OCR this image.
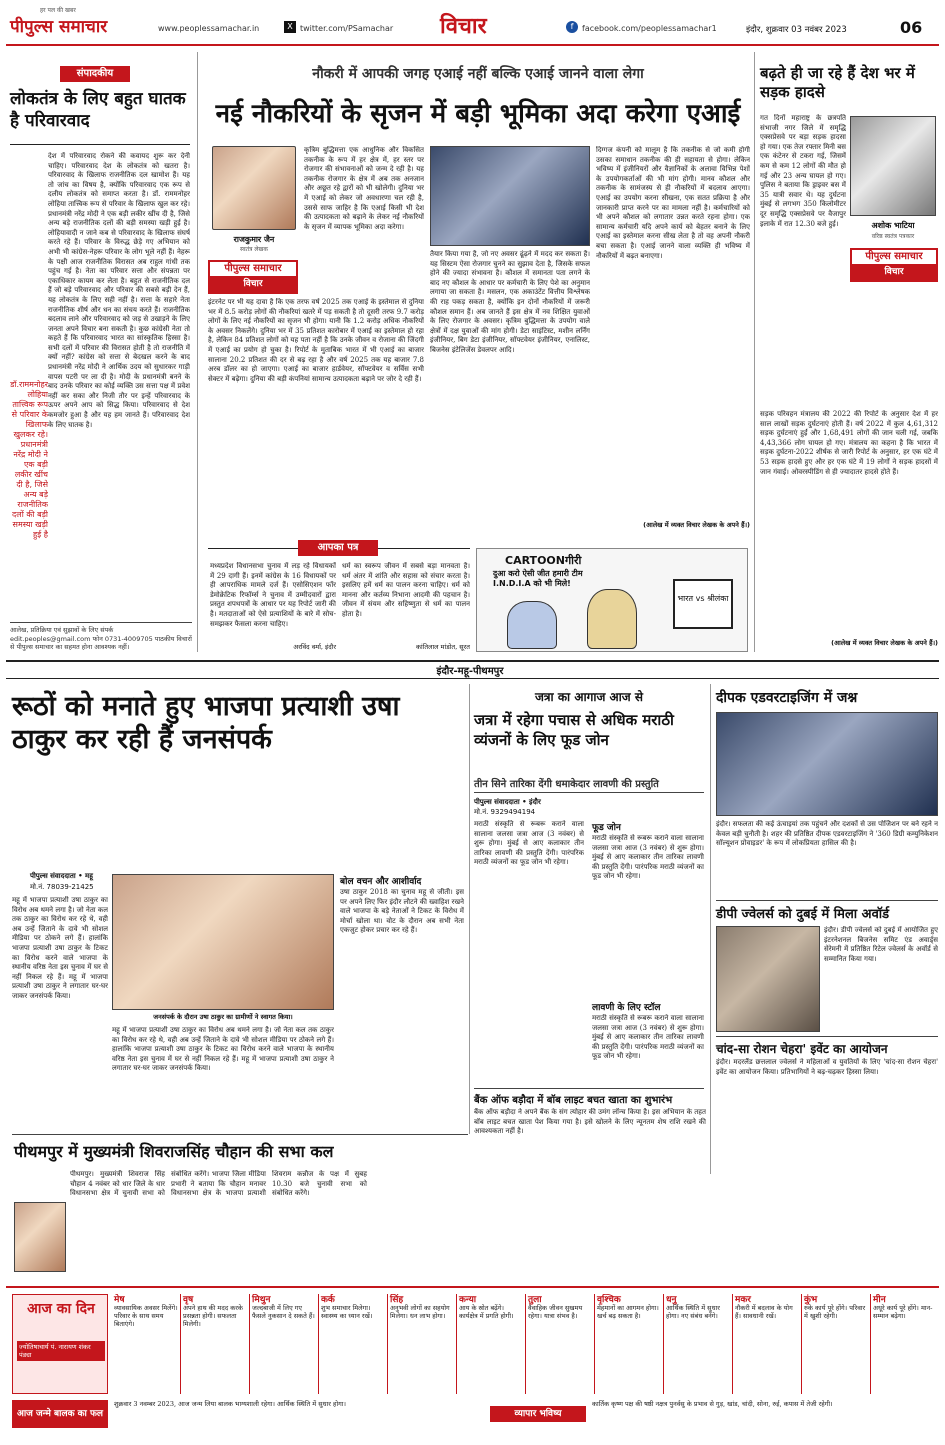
पीपुल्स समाचार
हर पल की खबर
www.peoplessamachar.in	X twitter.com/PSamachar विचार	f	facebook.com/peoplessamachar1	इंदौर, शुक्रवार 03 नवंबर 2023	06
संपादकीय
लोकतंत्र के लिए बहुत घातक है परिवारवाद
देश में परिवारवाद रोकने की कवायद शुरू कर देनी चाहिए। परिवारवाद देश के लोकतंत्र को खतरा है। परिवारवाद के खिलाफ राजनीतिक दल खामोश हैं। यह तो जांच का विषय है, क्योंकि परिवारवाद एक रूप से दलीय लोकतंत्र को समाप्त करता है। डॉ. राममनोहर लोहिया तात्त्विक रूप से परिवार के खिलाफ खुल कर रहे। प्रधानमंत्री नरेंद्र मोदी ने एक बड़ी लकीर खींच दी है, जिसे अन्य बड़े राजनीतिक दलों की बड़ी समस्या खड़ी हुई है। लोहियावादी न जाने कब से परिवारवाद के खिलाफ संघर्ष करते रहे हैं। परिवार के विरुद्ध छेड़े गए अभियान को अभी भी कांग्रेस-नेहरू परिवार के लोग भूले नहीं हैं। नेहरू के पक्षी आज राजनीतिक विरासत अब राहुल गांधी तक पहुंच गई है। नेता का परिवार सत्ता और संपन्नता पर एकाधिकार कायम कर लेता है। बहुत से राजनीतिक दल हैं जो बड़े परिवारवाद और परिवार की सबसे बड़ी देन हैं, यह लोकतंत्र के लिए सही नहीं है। सत्ता के सहारे नेता राजनीतिक शीर्ष और धन का संचय करते हैं। राजनीतिक बदलाव लाने और परिवारवाद को जड़ से उखाड़ने के लिए जनता अपने विचार बना सकती है। कुछ कांग्रेसी नेता तो कहते हैं कि परिवारवाद भारत का सांस्कृतिक हिस्सा है। सभी दलों में परिवार की विरासत होती है तो राजनीति में क्यों नहीं? कांग्रेस को सत्ता से बेदखल करने के बाद प्रधानमंत्री नरेंद्र मोदी ने आर्थिक उदय को सुधारकर गाड़ी वापस पटरी पर ला दी है। मोदी के प्रधानमंत्री बनने के बाद उनके परिवार का कोई व्यक्ति उस सत्ता पक्ष में प्रवेश नहीं कर सका और निजी तौर पर इन्हें परिवारवाद के ऊपर अपने आप को सिद्ध किया। परिवारवाद से देश कमजोर हुआ है और यह हम जानते हैं। परिवारवाद देश के लिए घातक है।
डॉ.राममनोहर लोहिया तात्त्विक रूप से परिवार के खिलाफ खुलकर रहे।प्रधानमंत्री नरेंद्र मोदी ने एक बड़ी लकीर खींच दी है, जिसे अन्य बड़े राजनीतिक दलों की बड़ी समस्या खड़ी हुई है
आलेख, प्रतिक्रिया एवं सुझावों के लिए संपर्क edit.peoples@gmail.com फोन 0731-4009705 पाठकीय विचारों से पीपुल्स समाचार का सहमत होना आवश्यक नहीं।
नौकरी में आपकी जगह एआई नहीं बल्कि एआई जानने वाला लेगा
नई नौकरियों के सृजन में बड़ी भूमिका अदा करेगा एआई
राजकुमार जैन
स्वतंत्र लेखक
पीपुल्स समाचार
विचार
कृत्रिम बुद्धिमत्ता एक आधुनिक और विकसित तकनीक के रूप में हर क्षेत्र में, हर स्तर पर रोजगार की संभावनाओं को जन्म दे रही है। यह तकनीक रोजगार के क्षेत्र में अब तक अनजान और अछूत रहे द्वारों को भी खोलेगी। दुनिया भर में एआई को लेकर जो अवधारणा चल रही है, उससे साफ जाहिर है कि एआई किसी भी देश की उत्पादकता को बढ़ाने के लेकर नई नौकरियों के सृजन में व्यापक भूमिका अदा करेगा।
इंटरनेट पर भी यह दावा है कि एक तरफ वर्ष 2025 तक एआई के इस्तेमाल से दुनिया भर में 8.5 करोड़ लोगों की नौकरियां खतरे में पड़ सकती है तो दूसरी तरफ 9.7 करोड़ लोगों के लिए नई नौकरियों का सृजन भी होगा। यानी कि 1.2 करोड़ अधिक नौकरियों के अवसर निकलेंगे। दुनिया भर में 35 प्रतिशत कारोबार में एआई का इस्तेमाल हो रहा है, लेकिन 84 प्रतिशत लोगों को यह पता नहीं है कि उनके जीवन व रोजाना की जिंदगी में एआई का प्रयोग हो चुका है। रिपोर्ट के मुताबिक भारत में भी एआई का बाजार सालाना 20.2 प्रतिशत की दर से बढ़ रहा है और वर्ष 2025 तक यह बाजार 7.8 अरब डॉलर का हो जाएगा। एआई का बाजार हार्डवेयर, सॉफ्टवेयर व सर्विस सभी सेक्टर में बढ़ेगा। दुनिया की बड़ी कंपनियां सामान्य उत्पादकता बढ़ाने पर जोर दे रही हैं।
तैयार किया गया है, जो नए अवसर ढूंढ़ने में मदद कर सकता है। यह सिस्टम ऐसा रोजगार चुनने का सुझाव देता है, जिसके सफल होने की ज्यादा संभावना है। कौशल में समानता पता लगने के बाद नए कौशल के आधार पर कर्मचारी के लिए पेशे का अनुमान लगाया जा सकता है। मसलन, एक अकाउंटेंट वित्तीय विश्लेषक की राह पकड़ सकता है, क्योंकि इन दोनों नौकरियों में जरूरी कौशल समान हैं। अब जानते हैं इस क्षेत्र में नव शिक्षित युवाओं के लिए रोजगार के अवसर। कृत्रिम बुद्धिमत्ता के उपयोग वाले क्षेत्रों में दक्ष युवाओं की मांग होगी। डेटा साइंटिस्ट, मशीन लर्निंग इंजीनियर, बिग डेटा इंजीनियर, सॉफ्टवेयर इंजीनियर, एनालिस्ट, बिजनेस इंटेलिजेंस डेवलपर आदि।
दिग्गज कंपनी को मालूम है कि तकनीक से जो कमी होगी उसका समाधान तकनीक की ही सहायता से होगा। लेकिन भविष्य में इंजीनियरों और वैज्ञानिकों के अलावा विभिन्न पेशों के उपयोगकर्ताओं की भी मांग होगी। मानव कौशल और तकनीक के सामंजस्य से ही नौकरियों में बदलाव आएगा। एआई का उपयोग करना सीखना, एक सतत प्रक्रिया है और जानकारी प्राप्त करने पर का मामला नहीं है। कर्मचारियों को भी अपने कौशल को लगातार उन्नत करते रहना होगा। एक सामान्य कर्मचारी यदि अपने कार्य को बेहतर बनाने के लिए एआई का इस्तेमाल करना सीख लेता है तो वह अपनी नौकरी बचा सकता है। एआई जानने वाला व्यक्ति ही भविष्य में नौकरियों में बढ़त बनाएगा।
(आलेख में व्यक्त विचार लेखक के अपने हैं।)
आपका पत्र
मध्यप्रदेश विधानसभा चुनाव में लड़ रहे विधायकों में 29 दागी हैं। इनमें कांग्रेस के 16 विधायकों पर ही आपराधिक मामले दर्ज हैं। एसोसिएशन फॉर डेमोक्रेटिक रिफॉर्म्स ने चुनाव में उम्मीदवारों द्वारा प्रस्तुत शपथपत्रों के आधार पर यह रिपोर्ट जारी की है। मतदाताओं को ऐसे प्रत्याशियों के बारे में सोच-समझकर फैसला करना चाहिए।
अरविंद वर्मा, इंदौर
धर्म का स्वरूप जीवन में सबसे बड़ा मानवता है। धर्म अंतर में शांति और सहास को संचार करता है। इसलिए हमें धर्म का पालन करना चाहिए। धर्म को मानना और कर्तव्य निभाना आदमी की पहचान है। जीवन में संयम और सहिष्णुता से धर्म का पालन होता है।
कांतिलाल मांडोत, सूरत
CARTOONगीरी
दुआ करो ऐसी जीत हमारी टीम I.N.D.I.A को भी मिले!
भारत vs श्रीलंका
बढ़ते ही जा रहे हैं देश भर में सड़क हादसे
गत दिनों महाराष्ट्र के छत्रपति संभाजी नगर जिले में समृद्धि एक्सप्रेसवे पर बड़ा सड़क हादसा हो गया। एक तेज रफ्तार मिनी बस एक कंटेनर से टकरा गई, जिसमें कम से कम 12 लोगों की मौत हो गई और 23 अन्य घायल हो गए। पुलिस ने बताया कि ड्राइवर बस में 35 यात्री सवार थे। यह दुर्घटना मुंबई से लगभग 350 किलोमीटर दूर समृद्धि एक्सप्रेसवे पर वैजापुर इलाके में रात 12.30 बजे हुई।	अशोक भाटिया
वरिष्ठ स्वतंत्र पत्रकार
पीपुल्स समाचार
विचार
सड़क परिवहन मंत्रालय की 2022 की रिपोर्ट के अनुसार देश में हर साल लाखों सड़क दुर्घटनाएं होती हैं। वर्ष 2022 में कुल 4,61,312 सड़क दुर्घटनाएं हुईं और 1,68,491 लोगों की जान चली गई, जबकि 4,43,366 लोग घायल हो गए। मंत्रालय का कहना है कि भारत में सड़क दुर्घटना-2022 शीर्षक से जारी रिपोर्ट के अनुसार, हर एक घंटे में 53 सड़क हादसे हुए और हर एक घंटे में 19 लोगों ने सड़क हादसों में जान गंवाई। ओवरस्पीडिंग से ही ज्यादातर हादसे होते हैं।
(आलेख में व्यक्त विचार लेखक के अपने हैं।)
इंदौर-महू-पीथमपुर
रूठों को मनाते हुए भाजपा प्रत्याशी उषा ठाकुर कर रही हैं जनसंपर्क
पीपुल्स संवाददाता • महू
मो.नं. 78039-21425
महू में भाजपा प्रत्याशी उषा ठाकुर का विरोध अब थमने लगा है। जो नेता कल तक ठाकुर का विरोध कर रहे थे, वही अब उन्हें जिताने के दावे भी सोशल मीडिया पर ठोकने लगे हैं। हालांकि भाजपा प्रत्याशी उषा ठाकुर के टिकट का विरोध करने वाले भाजपा के स्थानीय वरिष्ठ नेता इस चुनाव में घर से नहीं निकल रहे हैं। महू में भाजपा प्रत्याशी उषा ठाकुर ने लगातार घर-घर जाकर जनसंपर्क किया।
जनसंपर्क के दौरान उषा ठाकुर का ग्रामीणों ने स्वागत किया।
महू में भाजपा प्रत्याशी उषा ठाकुर का विरोध अब थमने लगा है। जो नेता कल तक ठाकुर का विरोध कर रहे थे, वही अब उन्हें जिताने के दावे भी सोशल मीडिया पर ठोकने लगे हैं। हालांकि भाजपा प्रत्याशी उषा ठाकुर के टिकट का विरोध करने वाले भाजपा के स्थानीय वरिष्ठ नेता इस चुनाव में घर से नहीं निकल रहे हैं। महू में भाजपा प्रत्याशी उषा ठाकुर ने लगातार घर-घर जाकर जनसंपर्क किया।
बोल वचन और आशीर्वाद
उषा ठाकुर 2018 का चुनाव महू से जीती। इस पर अपने लिए फिर इंदौर लौटने की ख्वाहिश रखने वाले भाजपा के बड़े नेताओं ने टिकट के विरोध में मोर्चा खोला था। वोट के दौरान अब सभी नेता एकजुट होकर प्रचार कर रहे हैं।
जत्रा का आगाज आज से
जत्रा में रहेगा पचास से अधिक मराठी व्यंजनों के लिए फूड जोन
तीन सिने तारिका देंगी धमाकेदार लावणी की प्रस्तुति
पीपुल्स संवाददाता • इंदौर
मो.नं. 9329494194
मराठी संस्कृति से रूबरू कराने वाला सालाना जलसा जत्रा आज (3 नवंबर) से शुरू होगा। मुंबई से आए कलाकार तीन तारिका लावणी की प्रस्तुति देंगी। पारंपरिक मराठी व्यंजनों का फूड जोन भी रहेगा।
फूड जोन
मराठी संस्कृति से रूबरू कराने वाला सालाना जलसा जत्रा आज (3 नवंबर) से शुरू होगा। मुंबई से आए कलाकार तीन तारिका लावणी की प्रस्तुति देंगी। पारंपरिक मराठी व्यंजनों का फूड जोन भी रहेगा।
लावणी के लिए स्टॉल
मराठी संस्कृति से रूबरू कराने वाला सालाना जलसा जत्रा आज (3 नवंबर) से शुरू होगा। मुंबई से आए कलाकार तीन तारिका लावणी की प्रस्तुति देंगी। पारंपरिक मराठी व्यंजनों का फूड जोन भी रहेगा।
बैंक ऑफ बड़ौदा में बॉब लाइट बचत खाता का शुभारंभ
बैंक ऑफ बड़ौदा ने अपने बैंक के संग त्योहार की उमंग लॉन्च किया है। इस अभियान के तहत बॉब लाइट बचत खाता पेश किया गया है। इसे खोलने के लिए न्यूनतम शेष राशि रखने की आवश्यकता नहीं है।
पीथमपुर में मुख्यमंत्री शिवराजसिंह चौहान की सभा कल
पीथमपुर। मुख्यमंत्री शिवराज सिंह चौहान 4 नवंबर को धार जिले के धार विधानसभा क्षेत्र में चुनावी सभा को संबोधित करेंगे। भाजपा जिला मीडिया प्रभारी ने बताया कि चौहान मनावर विधानसभा क्षेत्र के भाजपा प्रत्याशी शिवराम कन्नौज के पक्ष में सुबह 10.30 बजे चुनावी सभा को संबोधित करेंगे।
दीपक एडवरटाइजिंग में जश्न
इंदौर। सफलता की कई ऊंचाइयां तक पहुंचने और दशकों से उस पोजिशन पर बने रहने न केवल बड़ी चुनौती है। शहर की प्रतिष्ठित दीपक एडवरटाइजिंग ने '360 डिग्री कम्युनिकेशन सॉल्यूशन प्रोवाइडर' के रूप में लोकप्रियता हासिल की है।
डीपी ज्वेलर्स को दुबई में मिला अवॉर्ड
इंदौर। डीपी ज्वेलर्स को दुबई में आयोजित हुए इंटरनेशनल बिजनेस समिट एंड अवार्ड्स सेरेमनी में प्रतिष्ठित रिटेल ज्वेलर्स के अवॉर्ड से सम्मानित किया गया।
चांद-सा रोशन चेहरा' इवेंट का आयोजन
इंदौर। मदरलैंड छत्तलाल ज्वेलर्स ने महिलाओं व युवतियों के लिए 'चांद-सा रोशन चेहरा' इवेंट का आयोजन किया। प्रतिभागियों ने बढ़-चढ़कर हिस्सा लिया।
आज का दिन
ज्योतिषाचार्य पं. नारायण शंकर पंड्या
मेष
व्यावसायिक अवसर मिलेंगे। परिवार के साथ समय बिताएंगे।
वृष
अपने हाथ की मदद करके प्रसन्नता होगी। सफलता मिलेगी।
मिथुन
जल्दबाजी में लिए गए फैसले नुकसान दे सकते हैं।
कर्क
शुभ समाचार मिलेगा। स्वास्थ्य का ध्यान रखें।
सिंह
अनुभवी लोगों का सहयोग मिलेगा। धन लाभ होगा।
कन्या
आय के स्रोत बढ़ेंगे। कार्यक्षेत्र में प्रगति होगी।
तुला
वैवाहिक जीवन सुखमय रहेगा। यात्रा संभव है।
वृश्चिक
मेहमानों का आगमन होगा। खर्च बढ़ सकता है।
धनु
आर्थिक स्थिति में सुधार होगा। नए संबंध बनेंगे।
मकर
नौकरी में बदलाव के योग हैं। सावधानी रखें।
कुंभ
रुके कार्य पूरे होंगे। परिवार में खुशी रहेगी।
मीन
अधूरे कार्य पूरे होंगे। मान-सम्मान बढ़ेगा।
आज जन्मे बालक का फल
शुक्रवार 3 नवम्बर 2023, आज जन्म लिया बालक भाग्यशाली रहेगा। आर्थिक स्थिति में सुधार होगा।
व्यापार भविष्य
कार्तिक कृष्ण पक्ष की षष्ठी नक्षत्र पुनर्वसु के प्रभाव से गुड़, खांड, चांदी, सोना, रुई, कपास में तेजी रहेगी।
